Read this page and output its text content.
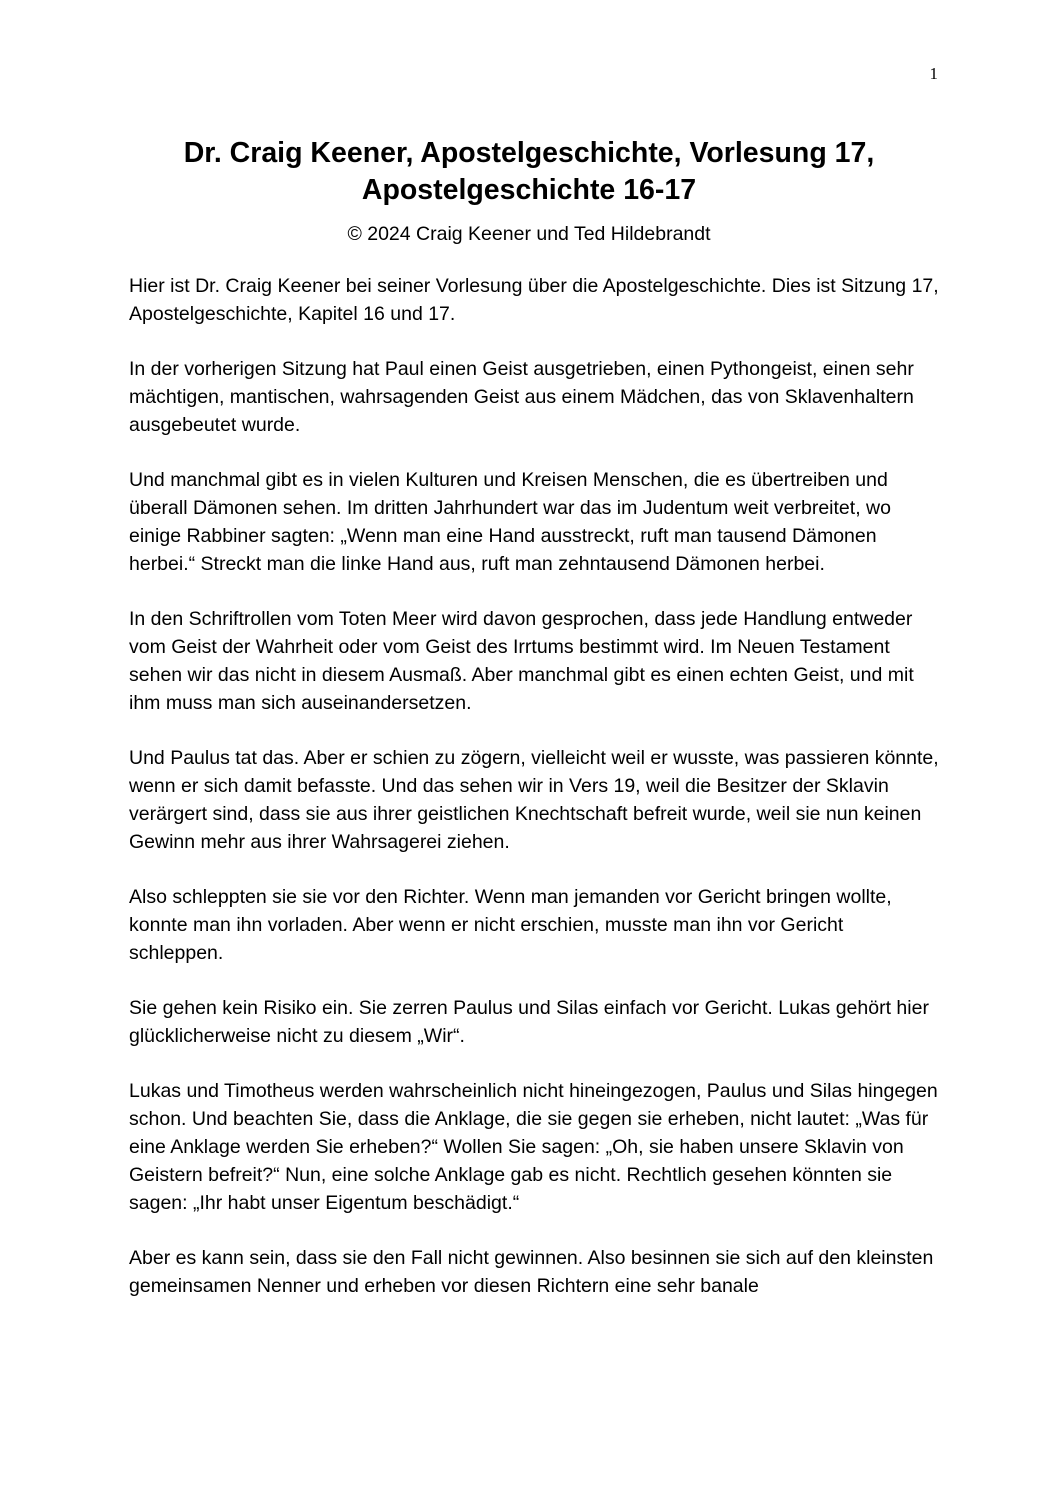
1
Dr. Craig Keener, Apostelgeschichte, Vorlesung 17,
Apostelgeschichte 16-17
© 2024 Craig Keener und Ted Hildebrandt

Hier ist Dr. Craig Keener bei seiner Vorlesung über die Apostelgeschichte. Dies ist Sitzung 17, Apostelgeschichte, Kapitel 16 und 17.

In der vorherigen Sitzung hat Paul einen Geist ausgetrieben, einen Pythongeist, einen sehr mächtigen, mantischen, wahrsagenden Geist aus einem Mädchen, das von Sklavenhaltern ausgebeutet wurde.

Und manchmal gibt es in vielen Kulturen und Kreisen Menschen, die es übertreiben und überall Dämonen sehen. Im dritten Jahrhundert war das im Judentum weit verbreitet, wo einige Rabbiner sagten: „Wenn man eine Hand ausstreckt, ruft man tausend Dämonen herbei.“ Streckt man die linke Hand aus, ruft man zehntausend Dämonen herbei.

In den Schriftrollen vom Toten Meer wird davon gesprochen, dass jede Handlung entweder vom Geist der Wahrheit oder vom Geist des Irrtums bestimmt wird. Im Neuen Testament sehen wir das nicht in diesem Ausmaß. Aber manchmal gibt es einen echten Geist, und mit ihm muss man sich auseinandersetzen.

Und Paulus tat das. Aber er schien zu zögern, vielleicht weil er wusste, was passieren könnte, wenn er sich damit befasste. Und das sehen wir in Vers 19, weil die Besitzer der Sklavin verärgert sind, dass sie aus ihrer geistlichen Knechtschaft befreit wurde, weil sie nun keinen Gewinn mehr aus ihrer Wahrsagerei ziehen.

Also schleppten sie sie vor den Richter. Wenn man jemanden vor Gericht bringen wollte, konnte man ihn vorladen. Aber wenn er nicht erschien, musste man ihn vor Gericht schleppen.

Sie gehen kein Risiko ein. Sie zerren Paulus und Silas einfach vor Gericht. Lukas gehört hier glücklicherweise nicht zu diesem „Wir“.

Lukas und Timotheus werden wahrscheinlich nicht hineingezogen, Paulus und Silas hingegen schon. Und beachten Sie, dass die Anklage, die sie gegen sie erheben, nicht lautet: „Was für eine Anklage werden Sie erheben?“ Wollen Sie sagen: „Oh, sie haben unsere Sklavin von Geistern befreit?“ Nun, eine solche Anklage gab es nicht. Rechtlich gesehen könnten sie sagen: „Ihr habt unser Eigentum beschädigt.“

Aber es kann sein, dass sie den Fall nicht gewinnen. Also besinnen sie sich auf den kleinsten gemeinsamen Nenner und erheben vor diesen Richtern eine sehr banale
